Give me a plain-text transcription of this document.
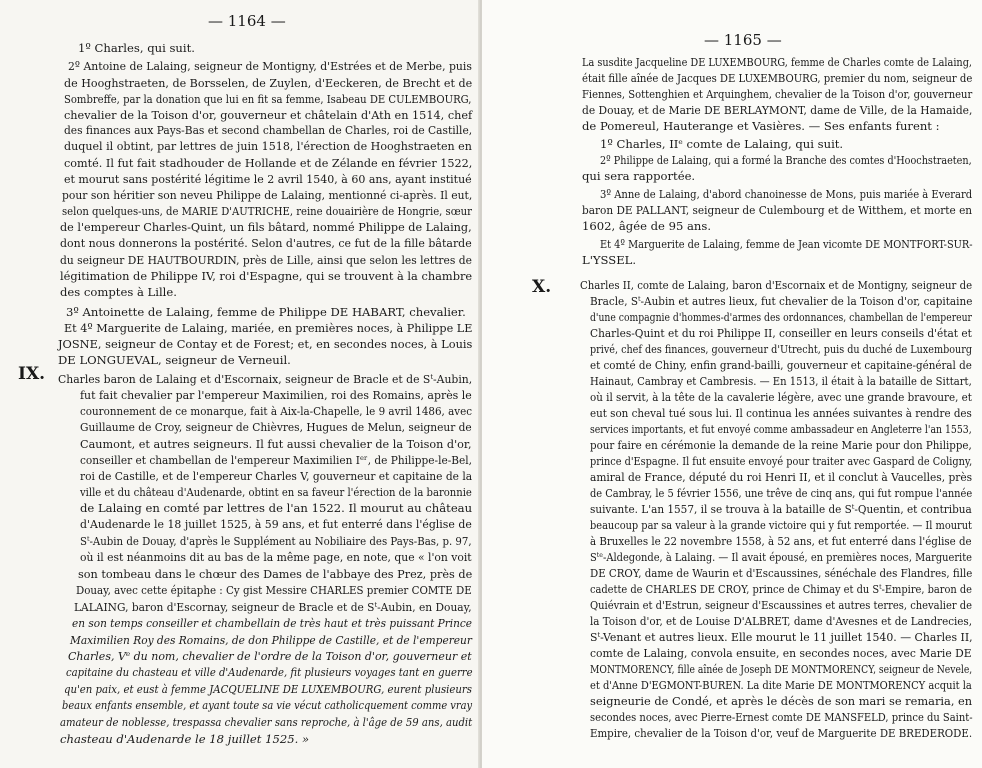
— 1164 —
IX.
1º Charles, qui suit.
2º Antoine de Lalaing, seigneur de Montigny, d'Estrées et de Merbe, puis
de Hooghstraeten, de Borsselen, de Zuylen, d'Eeckeren, de Brecht et de
Sombreffe, par la donation que lui en fit sa femme, Isabeau DE CULEMBOURG,
chevalier de la Toison d'or, gouverneur et châtelain d'Ath en 1514, chef
des finances aux Pays-Bas et second chambellan de Charles, roi de Castille,
duquel il obtint, par lettres de juin 1518, l'érection de Hooghstraeten en
comté. Il fut fait stadhouder de Hollande et de Zélande en février 1522,
et mourut sans postérité légitime le 2 avril 1540, à 60 ans, ayant institué
pour son héritier son neveu Philippe de Lalaing, mentionné ci-après. Il eut,
selon quelques-uns, de MARIE D'AUTRICHE, reine douairière de Hongrie, sœur
de l'empereur Charles-Quint, un fils bâtard, nommé Philippe de Lalaing,
dont nous donnerons la postérité. Selon d'autres, ce fut de la fille bâtarde
du seigneur DE HAUTBOURDIN, près de Lille, ainsi que selon les lettres de
légitimation de Philippe IV, roi d'Espagne, qui se trouvent à la chambre
des comptes à Lille.
3º Antoinette de Lalaing, femme de Philippe DE HABART, chevalier.
Et 4º Marguerite de Lalaing, mariée, en premières noces, à Philippe LE
JOSNE, seigneur de Contay et de Forest; et, en secondes noces, à Louis
DE LONGUEVAL, seigneur de Verneuil.
Charles baron de Lalaing et d'Escornaix, seigneur de Bracle et de Sᵗ-Aubin,
fut fait chevalier par l'empereur Maximilien, roi des Romains, après le
couronnement de ce monarque, fait à Aix-la-Chapelle, le 9 avril 1486, avec
Guillaume de Croy, seigneur de Chièvres, Hugues de Melun, seigneur de
Caumont, et autres seigneurs. Il fut aussi chevalier de la Toison d'or,
conseiller et chambellan de l'empereur Maximilien Iᵉʳ, de Philippe-le-Bel,
roi de Castille, et de l'empereur Charles V, gouverneur et capitaine de la
ville et du château d'Audenarde, obtint en sa faveur l'érection de la baronnie
de Lalaing en comté par lettres de l'an 1522. Il mourut au château
d'Audenarde le 18 juillet 1525, à 59 ans, et fut enterré dans l'église de
Sᵗ-Aubin de Douay, d'après le Supplément au Nobiliaire des Pays-Bas, p. 97,
où il est néanmoins dit au bas de la même page, en note, que « l'on voit
son tombeau dans le chœur des Dames de l'abbaye des Prez, près de
Douay, avec cette épitaphe : Cy gist Messire CHARLES premier COMTE DE
LALAING, baron d'Escornay, seigneur de Bracle et de Sᵗ-Aubin, en Douay,
en son temps conseiller et chambellain de très haut et très puissant Prince
Maximilien Roy des Romains, de don Philippe de Castille, et de l'empereur
Charles, Vᵉ du nom, chevalier de l'ordre de la Toison d'or, gouverneur et
capitaine du chasteau et ville d'Audenarde, fit plusieurs voyages tant en guerre
qu'en paix, et eust à femme JACQUELINE DE LUXEMBOURG, eurent plusieurs
beaux enfants ensemble, et ayant toute sa vie vécut catholicquement comme vray
amateur de noblesse, trespassa chevalier sans reproche, à l'âge de 59 ans, audit
chasteau d'Audenarde le 18 juillet 1525. »
— 1165 —
X.
La susdite Jacqueline DE LUXEMBOURG, femme de Charles comte de Lalaing,
était fille aînée de Jacques DE LUXEMBOURG, premier du nom, seigneur de
Fiennes, Sottenghien et Arquinghem, chevalier de la Toison d'or, gouverneur
de Douay, et de Marie DE BERLAYMONT, dame de Ville, de la Hamaide,
de Pomereul, Hauterange et Vasières. — Ses enfants furent :
1º Charles, IIᵉ comte de Lalaing, qui suit.
2º Philippe de Lalaing, qui a formé la Branche des comtes d'Hoochstraeten,
qui sera rapportée.
3º Anne de Lalaing, d'abord chanoinesse de Mons, puis mariée à Everard
baron DE PALLANT, seigneur de Culembourg et de Witthem, et morte en
1602, âgée de 95 ans.
Et 4º Marguerite de Lalaing, femme de Jean vicomte DE MONTFORT-SUR-
L'YSSEL.
Charles II, comte de Lalaing, baron d'Escornaix et de Montigny, seigneur de
Bracle, Sᵗ-Aubin et autres lieux, fut chevalier de la Toison d'or, capitaine
d'une compagnie d'hommes-d'armes des ordonnances, chambellan de l'empereur
Charles-Quint et du roi Philippe II, conseiller en leurs conseils d'état et
privé, chef des finances, gouverneur d'Utrecht, puis du duché de Luxembourg
et comté de Chiny, enfin grand-bailli, gouverneur et capitaine-général de
Hainaut, Cambray et Cambresis. — En 1513, il était à la bataille de Sittart,
où il servit, à la tête de la cavalerie légère, avec une grande bravoure, et
eut son cheval tué sous lui. Il continua les années suivantes à rendre des
services importants, et fut envoyé comme ambassadeur en Angleterre l'an 1553,
pour faire en cérémonie la demande de la reine Marie pour don Philippe,
prince d'Espagne. Il fut ensuite envoyé pour traiter avec Gaspard de Coligny,
amiral de France, député du roi Henri II, et il conclut à Vaucelles, près
de Cambray, le 5 février 1556, une trêve de cinq ans, qui fut rompue l'année
suivante. L'an 1557, il se trouva à la bataille de Sᵗ-Quentin, et contribua
beaucoup par sa valeur à la grande victoire qui y fut remportée. — Il mourut
à Bruxelles le 22 novembre 1558, à 52 ans, et fut enterré dans l'église de
Sᵗᵉ-Aldegonde, à Lalaing. — Il avait épousé, en premières noces, Marguerite
DE CROY, dame de Waurin et d'Escaussines, sénéchale des Flandres, fille
cadette de CHARLES DE CROY, prince de Chimay et du Sᵗ-Empire, baron de
Quiévrain et d'Estrun, seigneur d'Escaussines et autres terres, chevalier de
la Toison d'or, et de Louise D'ALBRET, dame d'Avesnes et de Landrecies,
Sᵗ-Venant et autres lieux. Elle mourut le 11 juillet 1540. — Charles II,
comte de Lalaing, convola ensuite, en secondes noces, avec Marie DE
MONTMORENCY, fille aînée de Joseph DE MONTMORENCY, seigneur de Nevele,
et d'Anne D'EGMONT-BUREN. La dite Marie DE MONTMORENCY acquit la
seigneurie de Condé, et après le décès de son mari se remaria, en
secondes noces, avec Pierre-Ernest comte DE MANSFELD, prince du Saint-
Empire, chevalier de la Toison d'or, veuf de Marguerite DE BREDERODE.
